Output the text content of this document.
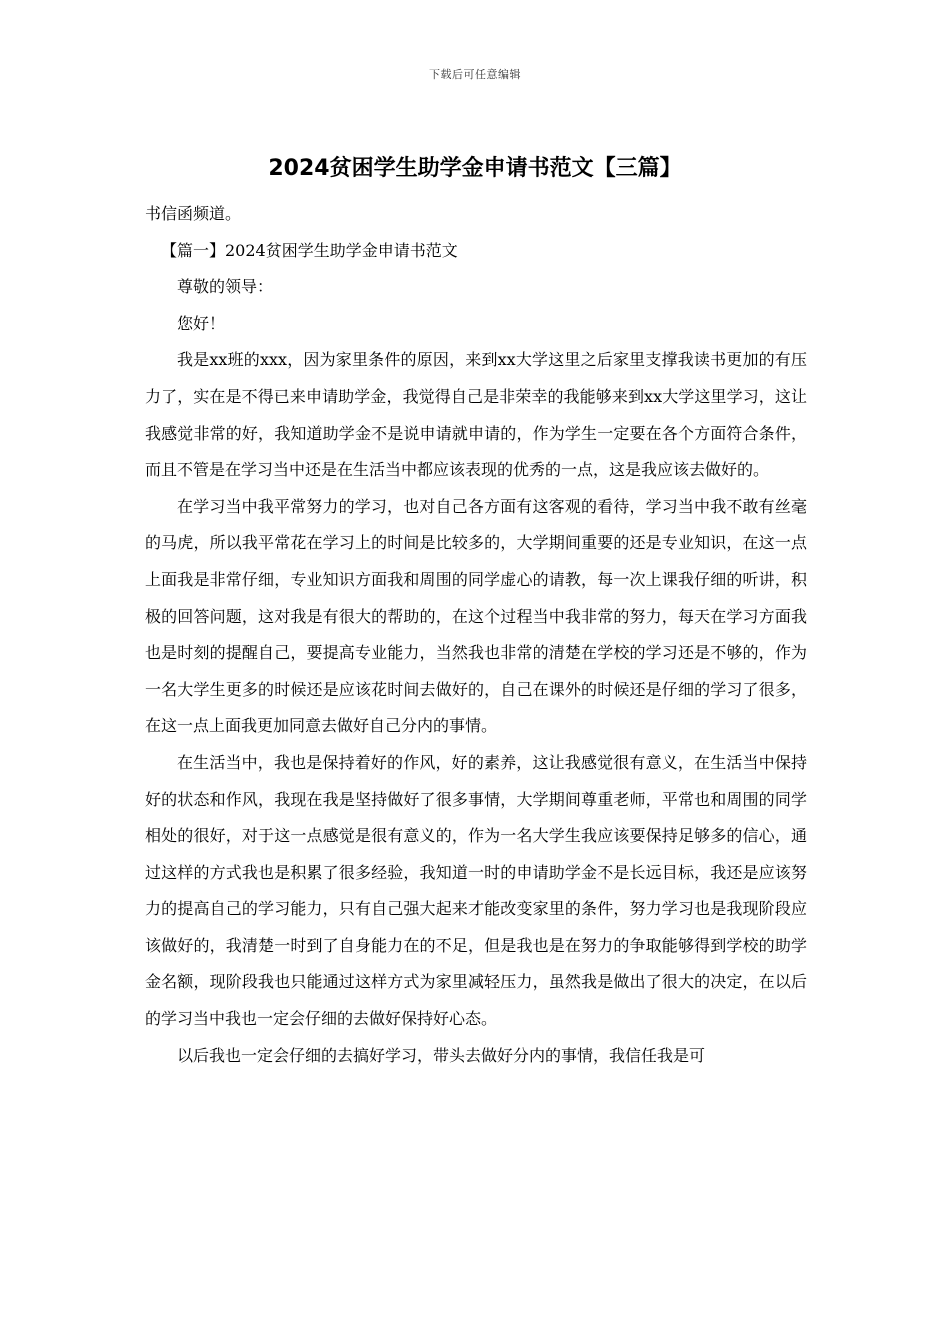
下载后可任意编辑
2024贫困学生助学金申请书范文【三篇】

书信函频道。

【篇一】2024贫困学生助学金申请书范文

尊敬的领导：

您好！

我是xx班的xxx，因为家里条件的原因，来到xx大学这里之后家里支撑我读书更加的有压力了，实在是不得已来申请助学金，我觉得自己是非荣幸的我能够来到xx大学这里学习，这让我感觉非常的好，我知道助学金不是说申请就申请的，作为学生一定要在各个方面符合条件，而且不管是在学习当中还是在生活当中都应该表现的优秀的一点，这是我应该去做好的。

在学习当中我平常努力的学习，也对自己各方面有这客观的看待，学习当中我不敢有丝毫的马虎，所以我平常花在学习上的时间是比较多的，大学期间重要的还是专业知识，在这一点上面我是非常仔细，专业知识方面我和周围的同学虚心的请教，每一次上课我仔细的听讲，积极的回答问题，这对我是有很大的帮助的，在这个过程当中我非常的努力，每天在学习方面我也是时刻的提醒自己，要提高专业能力，当然我也非常的清楚在学校的学习还是不够的，作为一名大学生更多的时候还是应该花时间去做好的，自己在课外的时候还是仔细的学习了很多，在这一点上面我更加同意去做好自己分内的事情。

在生活当中，我也是保持着好的作风，好的素养，这让我感觉很有意义，在生活当中保持好的状态和作风，我现在我是坚持做好了很多事情，大学期间尊重老师，平常也和周围的同学相处的很好，对于这一点感觉是很有意义的，作为一名大学生我应该要保持足够多的信心，通过这样的方式我也是积累了很多经验，我知道一时的申请助学金不是长远目标，我还是应该努力的提高自己的学习能力，只有自己强大起来才能改变家里的条件，努力学习也是我现阶段应该做好的，我清楚一时到了自身能力在的不足，但是我也是在努力的争取能够得到学校的助学金名额，现阶段我也只能通过这样方式为家里减轻压力，虽然我是做出了很大的决定，在以后的学习当中我也一定会仔细的去做好保持好心态。

以后我也一定会仔细的去搞好学习，带头去做好分内的事情，我信任我是可
